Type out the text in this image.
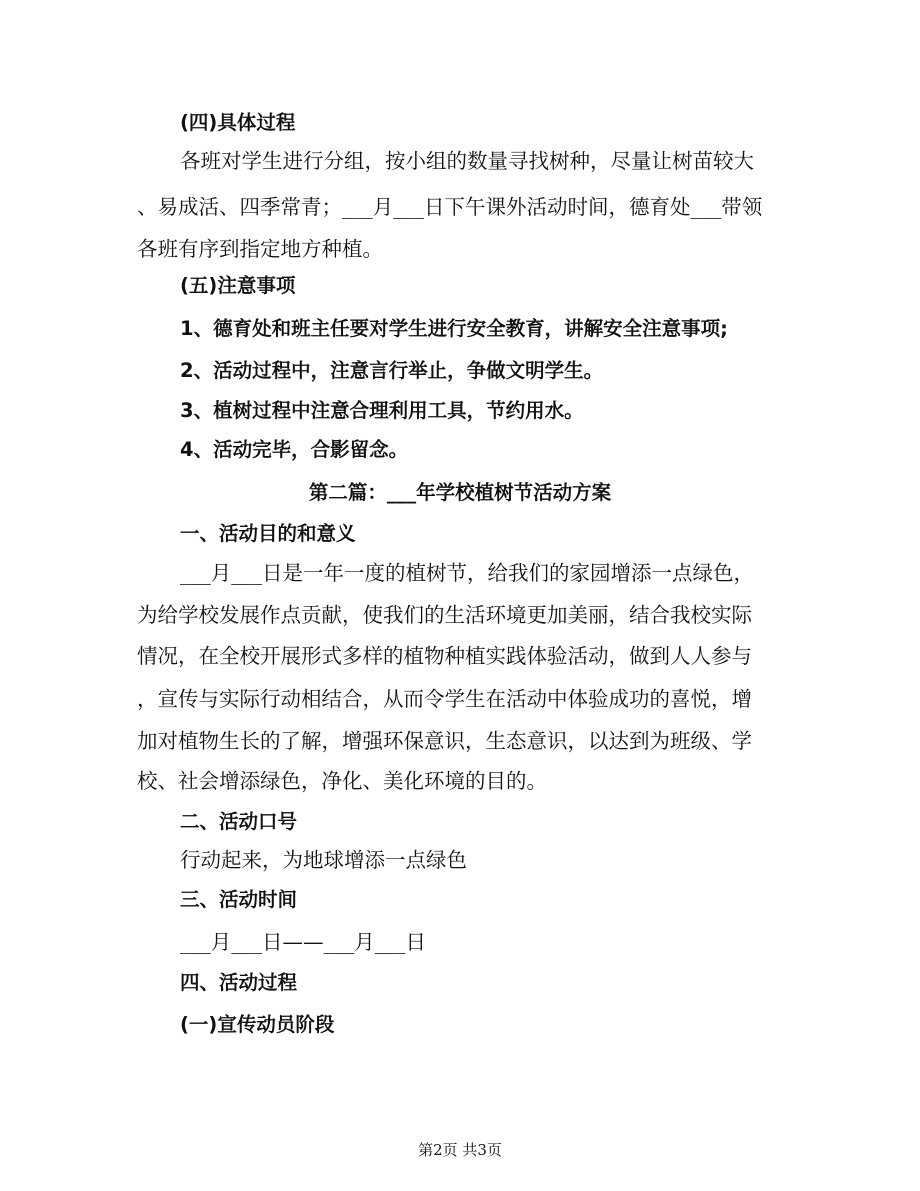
(四)具体过程
各班对学生进行分组，按小组的数量寻找树种，尽量让树苗较大
、易成活、四季常青；___月___日下午课外活动时间，德育处___带领
各班有序到指定地方种植。
(五)注意事项
1、德育处和班主任要对学生进行安全教育，讲解安全注意事项;
2、活动过程中，注意言行举止，争做文明学生。
3、植树过程中注意合理利用工具，节约用水。
4、活动完毕，合影留念。
第二篇：___年学校植树节活动方案
一、活动目的和意义
___月___日是一年一度的植树节，给我们的家园增添一点绿色，
为给学校发展作点贡献，使我们的生活环境更加美丽，结合我校实际
情况，在全校开展形式多样的植物种植实践体验活动，做到人人参与
，宣传与实际行动相结合，从而令学生在活动中体验成功的喜悦，增
加对植物生长的了解，增强环保意识，生态意识，以达到为班级、学
校、社会增添绿色，净化、美化环境的目的。
二、活动口号
行动起来，为地球增添一点绿色
三、活动时间
___月___日——___月___日
四、活动过程
(一)宣传动员阶段
第2页 共3页
